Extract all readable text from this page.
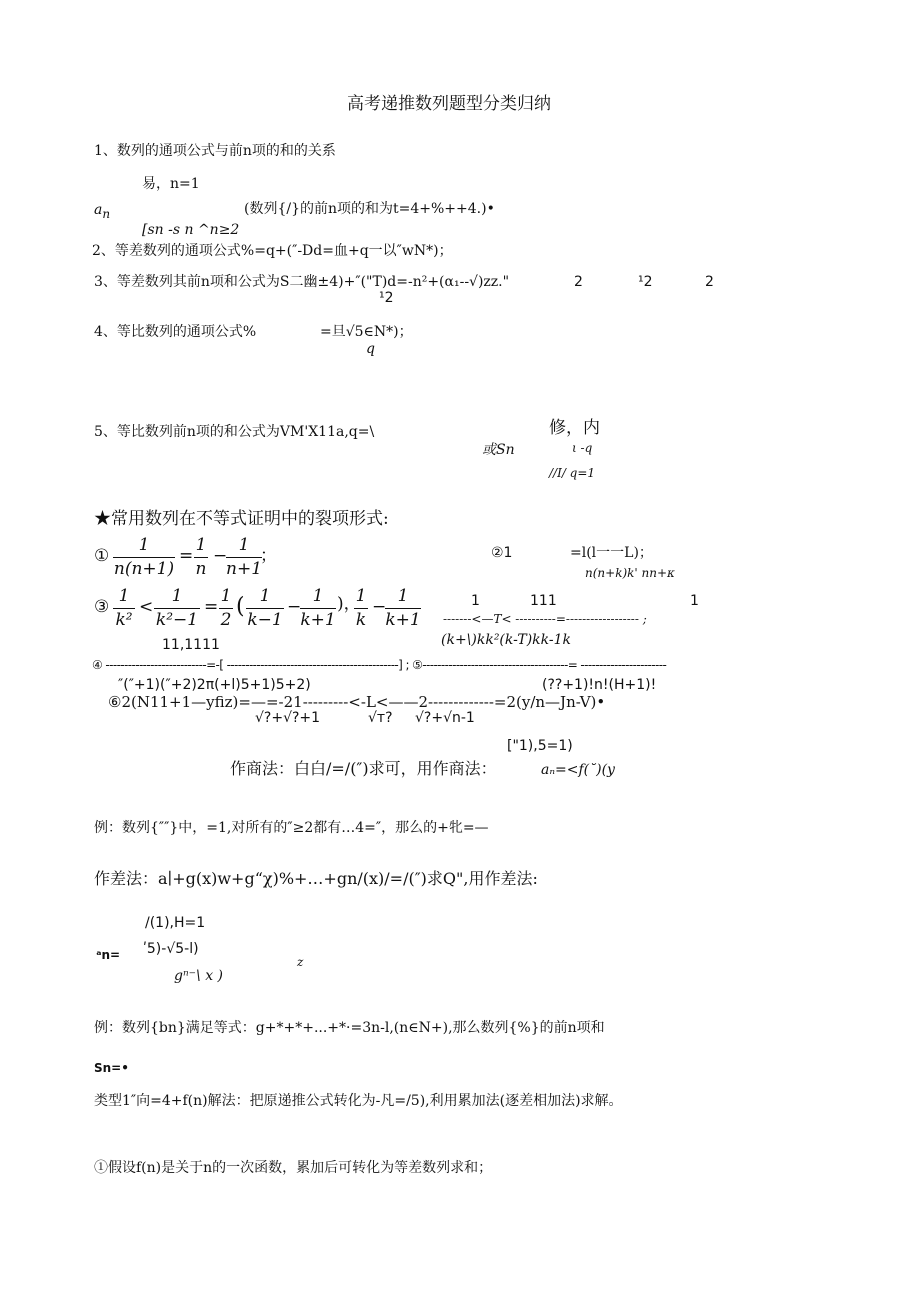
高考递推数列题型分类归纳
1、数列的通项公式与前n项的和的关系
易，n=1
$a_n$	(数列{/}的前n项的和为t=4+%++4.)•
[sn -s n ^n≥2
2、等差数列的通项公式%=q+(″-Dd=血+q一以″wN*)；
3、等差数列其前n项和公式为S二幽±4)+″("T)d=-n²+(α₁--√)zz."	2	¹2	2
¹2
4、等比数列的通项公式%	=旦√5∈N*)；
q
5、等比数列前n项的和公式为VM'X11a,q=\	修，内
或Sn	ι -q
//I/ q=1
★常用数列在不等式证明中的裂项形式:
①
1
n(n+1)
=
1
n
−
1
n+1
；	②1	=l(l一一L)；
n(n+k)k' nn+κ
③
1
k²
<
1
k²−1
=
1
2
( 1
k−1
−
1
k+1
)，
1
k
−
1
k+1
1	111	1
-------<—T< ----------=------------------ ;
(k+\)kk²(k-T)kk-1k
11,1111
④ ---------------------------=-[ ----------------------------------------------] ; ⑤---------------------------------------= -----------------------
″(″+1)(″+2)2π(+l)5+1)5+2)	(??+1)!n!(H+1)!
⑥2(N11+1—yfiz)=—=-21---------<-L<——2-------------=2(y/n—Jn-V)•
√?+√?+1	√т? √?+√n-1
["1),5=1)
作商法：白白/=/(″)求可，用作商法：	aₙ=<f(˘)(y
例：数列{″″}中，=1,对所有的″≥2都有…4=″，那么的+牝=—
作差法：a∣+g(x)w+g“χ)%+…+gn/(x)/=/(″)求Q",用作差法:
/(1),H=1
ᵃn= ʹ5)-√5-l)
gⁿ⁻\ x )
z
例：数列{bn}满足等式：g+*+*+...+*·=3n-l,(n∈N+),那么数列{%}的前n项和
Sn=•
类型1″向=4+f(n)解法：把原递推公式转化为-凡=/5),利用累加法(逐差相加法)求解。
①假设f(n)是关于n的一次函数，累加后可转化为等差数列求和；
